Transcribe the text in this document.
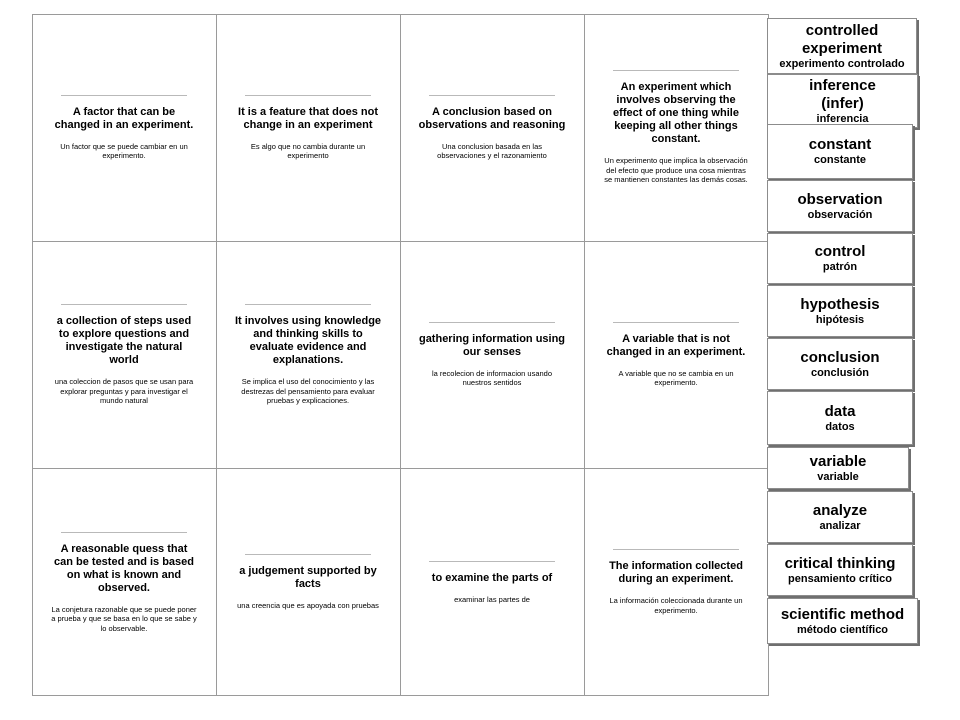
A factor that can be changed in an experiment.

Un factor que se puede cambiar en un experimento.

It is a feature that does not change in an experiment

Es algo que no cambia durante un experimento

A conclusion based on observations and reasoning

Una conclusion basada en las observaciones y el razonamiento

An experiment which involves observing the effect of one thing while keeping all other things constant.

Un experimento que implica la observación del efecto que produce una cosa mientras se mantienen constantes las demás cosas.

a collection of steps used to explore questions and investigate the natural world

una coleccion de pasos que se usan para explorar preguntas y para investigar el mundo natural

It involves using knowledge and thinking skills to evaluate evidence and explanations.

Se implica el uso del conocimiento y las destrezas del pensamiento para evaluar pruebas y explicaciones.

gathering information using our senses

la recolecion de informacion usando nuestros sentidos

A variable that is not changed in an experiment.

A variable que no se cambia en un experimento.

A reasonable quess that can be tested and is based on what is known and observed.

La conjetura razonable que se puede poner a prueba y que se basa en lo que se sabe y lo observable.

a judgement supported by facts

una creencia que es apoyada con pruebas

to examine the parts of

examinar las partes de

The information collected during an experiment.

La información coleccionada durante un experimento.
controlled experiment
experimento controlado
inference (infer)
inferencia
constant
constante
observation
observación
control
patrón
hypothesis
hipótesis
conclusion
conclusión
data
datos
variable
variable
analyze
analizar
critical thinking
pensamiento crítico
scientific method
método científico
